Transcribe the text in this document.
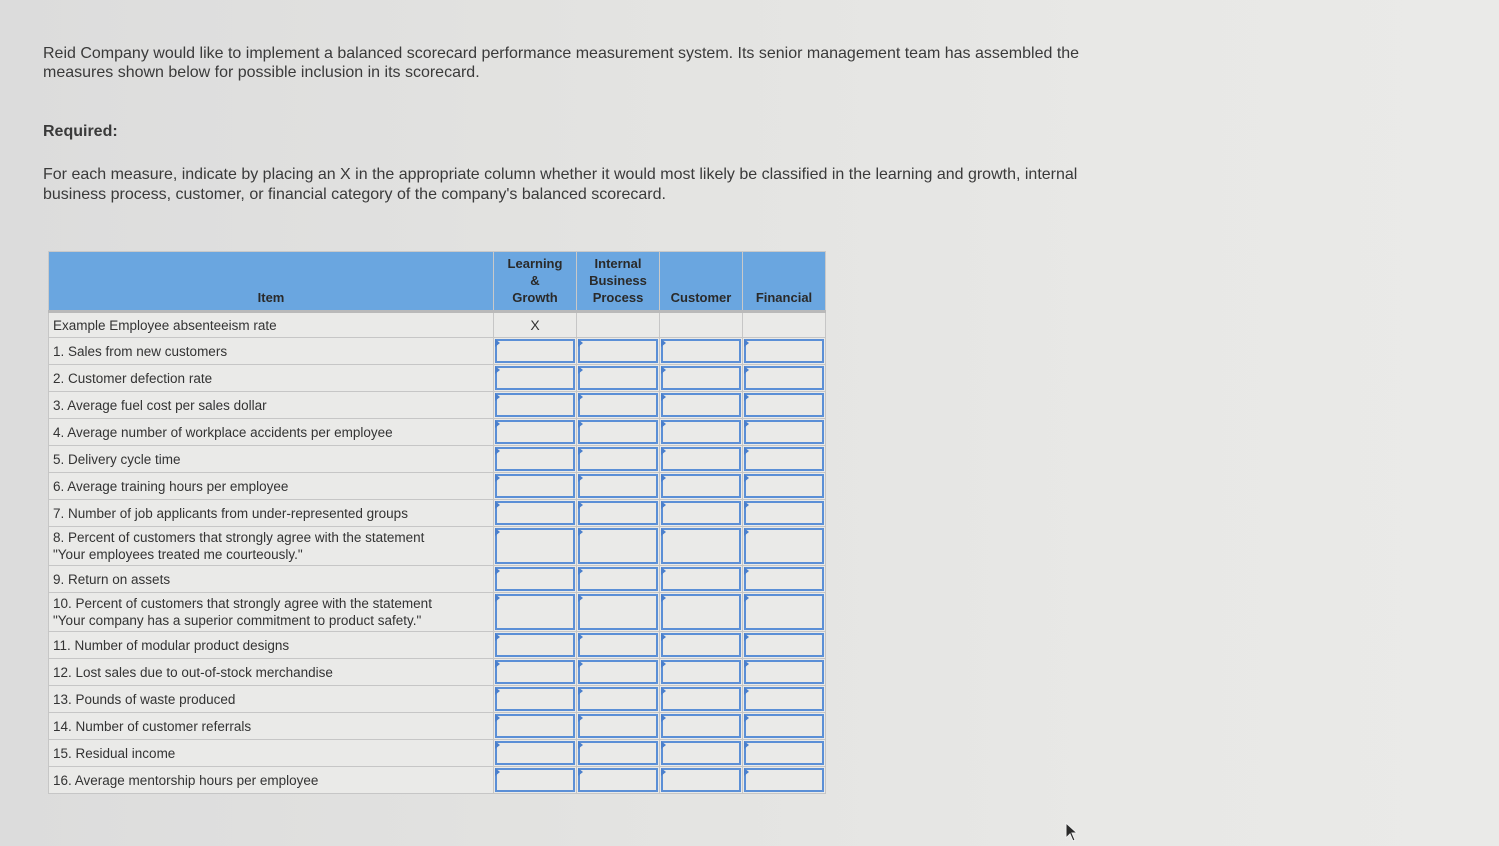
Reid Company would like to implement a balanced scorecard performance measurement system. Its senior management team has assembled the measures shown below for possible inclusion in its scorecard.

Required:

For each measure, indicate by placing an X in the appropriate column whether it would most likely be classified in the learning and growth, internal business process, customer, or financial category of the company's balanced scorecard.

Item	Learning
&
Growth	Internal
Business
Process	Customer	Financial
Example Employee absenteeism rate	X			
1. Sales from new customers	

2. Customer defection rate	

3. Average fuel cost per sales dollar	

4. Average number of workplace accidents per employee	

5. Delivery cycle time	

6. Average training hours per employee	

7. Number of job applicants from under-represented groups	

8. Percent of customers that strongly agree with the statement
"Your employees treated me courteously."	

9. Return on assets	

10. Percent of customers that strongly agree with the statement
"Your company has a superior commitment to product safety."	

11. Number of modular product designs	

12. Lost sales due to out-of-stock merchandise	

13. Pounds of waste produced	

14. Number of customer referrals	

15. Residual income	

16. Average mentorship hours per employee	
